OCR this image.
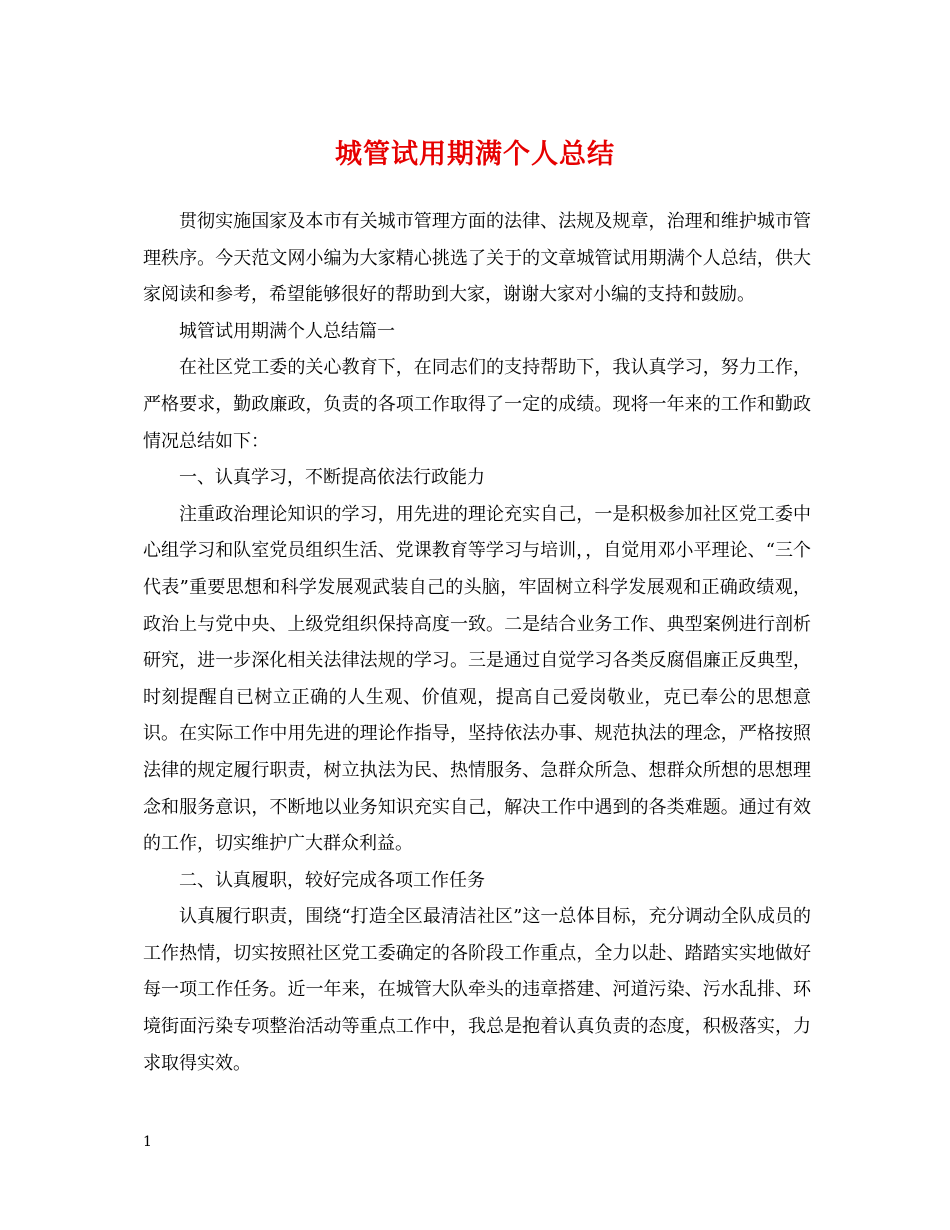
城管试用期满个人总结

贯彻实施国家及本市有关城市管理方面的法律、法规及规章，治理和维护城市管理秩序。今天范文网小编为大家精心挑选了关于的文章城管试用期满个人总结，供大家阅读和参考，希望能够很好的帮助到大家，谢谢大家对小编的支持和鼓励。

城管试用期满个人总结篇一

在社区党工委的关心教育下，在同志们的支持帮助下，我认真学习，努力工作，严格要求，勤政廉政，负责的各项工作取得了一定的成绩。现将一年来的工作和勤政情况总结如下：

一、认真学习，不断提高依法行政能力

注重政治理论知识的学习，用先进的理论充实自己，一是积极参加社区党工委中心组学习和队室党员组织生活、党课教育等学习与培训，，自觉用邓小平理论、“三个代表”重要思想和科学发展观武装自己的头脑，牢固树立科学发展观和正确政绩观，政治上与党中央、上级党组织保持高度一致。二是结合业务工作、典型案例进行剖析研究，进一步深化相关法律法规的学习。三是通过自觉学习各类反腐倡廉正反典型，时刻提醒自已树立正确的人生观、价值观，提高自己爱岗敬业，克已奉公的思想意识。在实际工作中用先进的理论作指导，坚持依法办事、规范执法的理念，严格按照法律的规定履行职责，树立执法为民、热情服务、急群众所急、想群众所想的思想理念和服务意识，不断地以业务知识充实自己，解决工作中遇到的各类难题。通过有效的工作，切实维护广大群众利益。

二、认真履职，较好完成各项工作任务

认真履行职责，围绕“打造全区最清洁社区”这一总体目标，充分调动全队成员的工作热情，切实按照社区党工委确定的各阶段工作重点，全力以赴、踏踏实实地做好每一项工作任务。近一年来，在城管大队牵头的违章搭建、河道污染、污水乱排、环境街面污染专项整治活动等重点工作中，我总是抱着认真负责的态度，积极落实，力求取得实效。

1
